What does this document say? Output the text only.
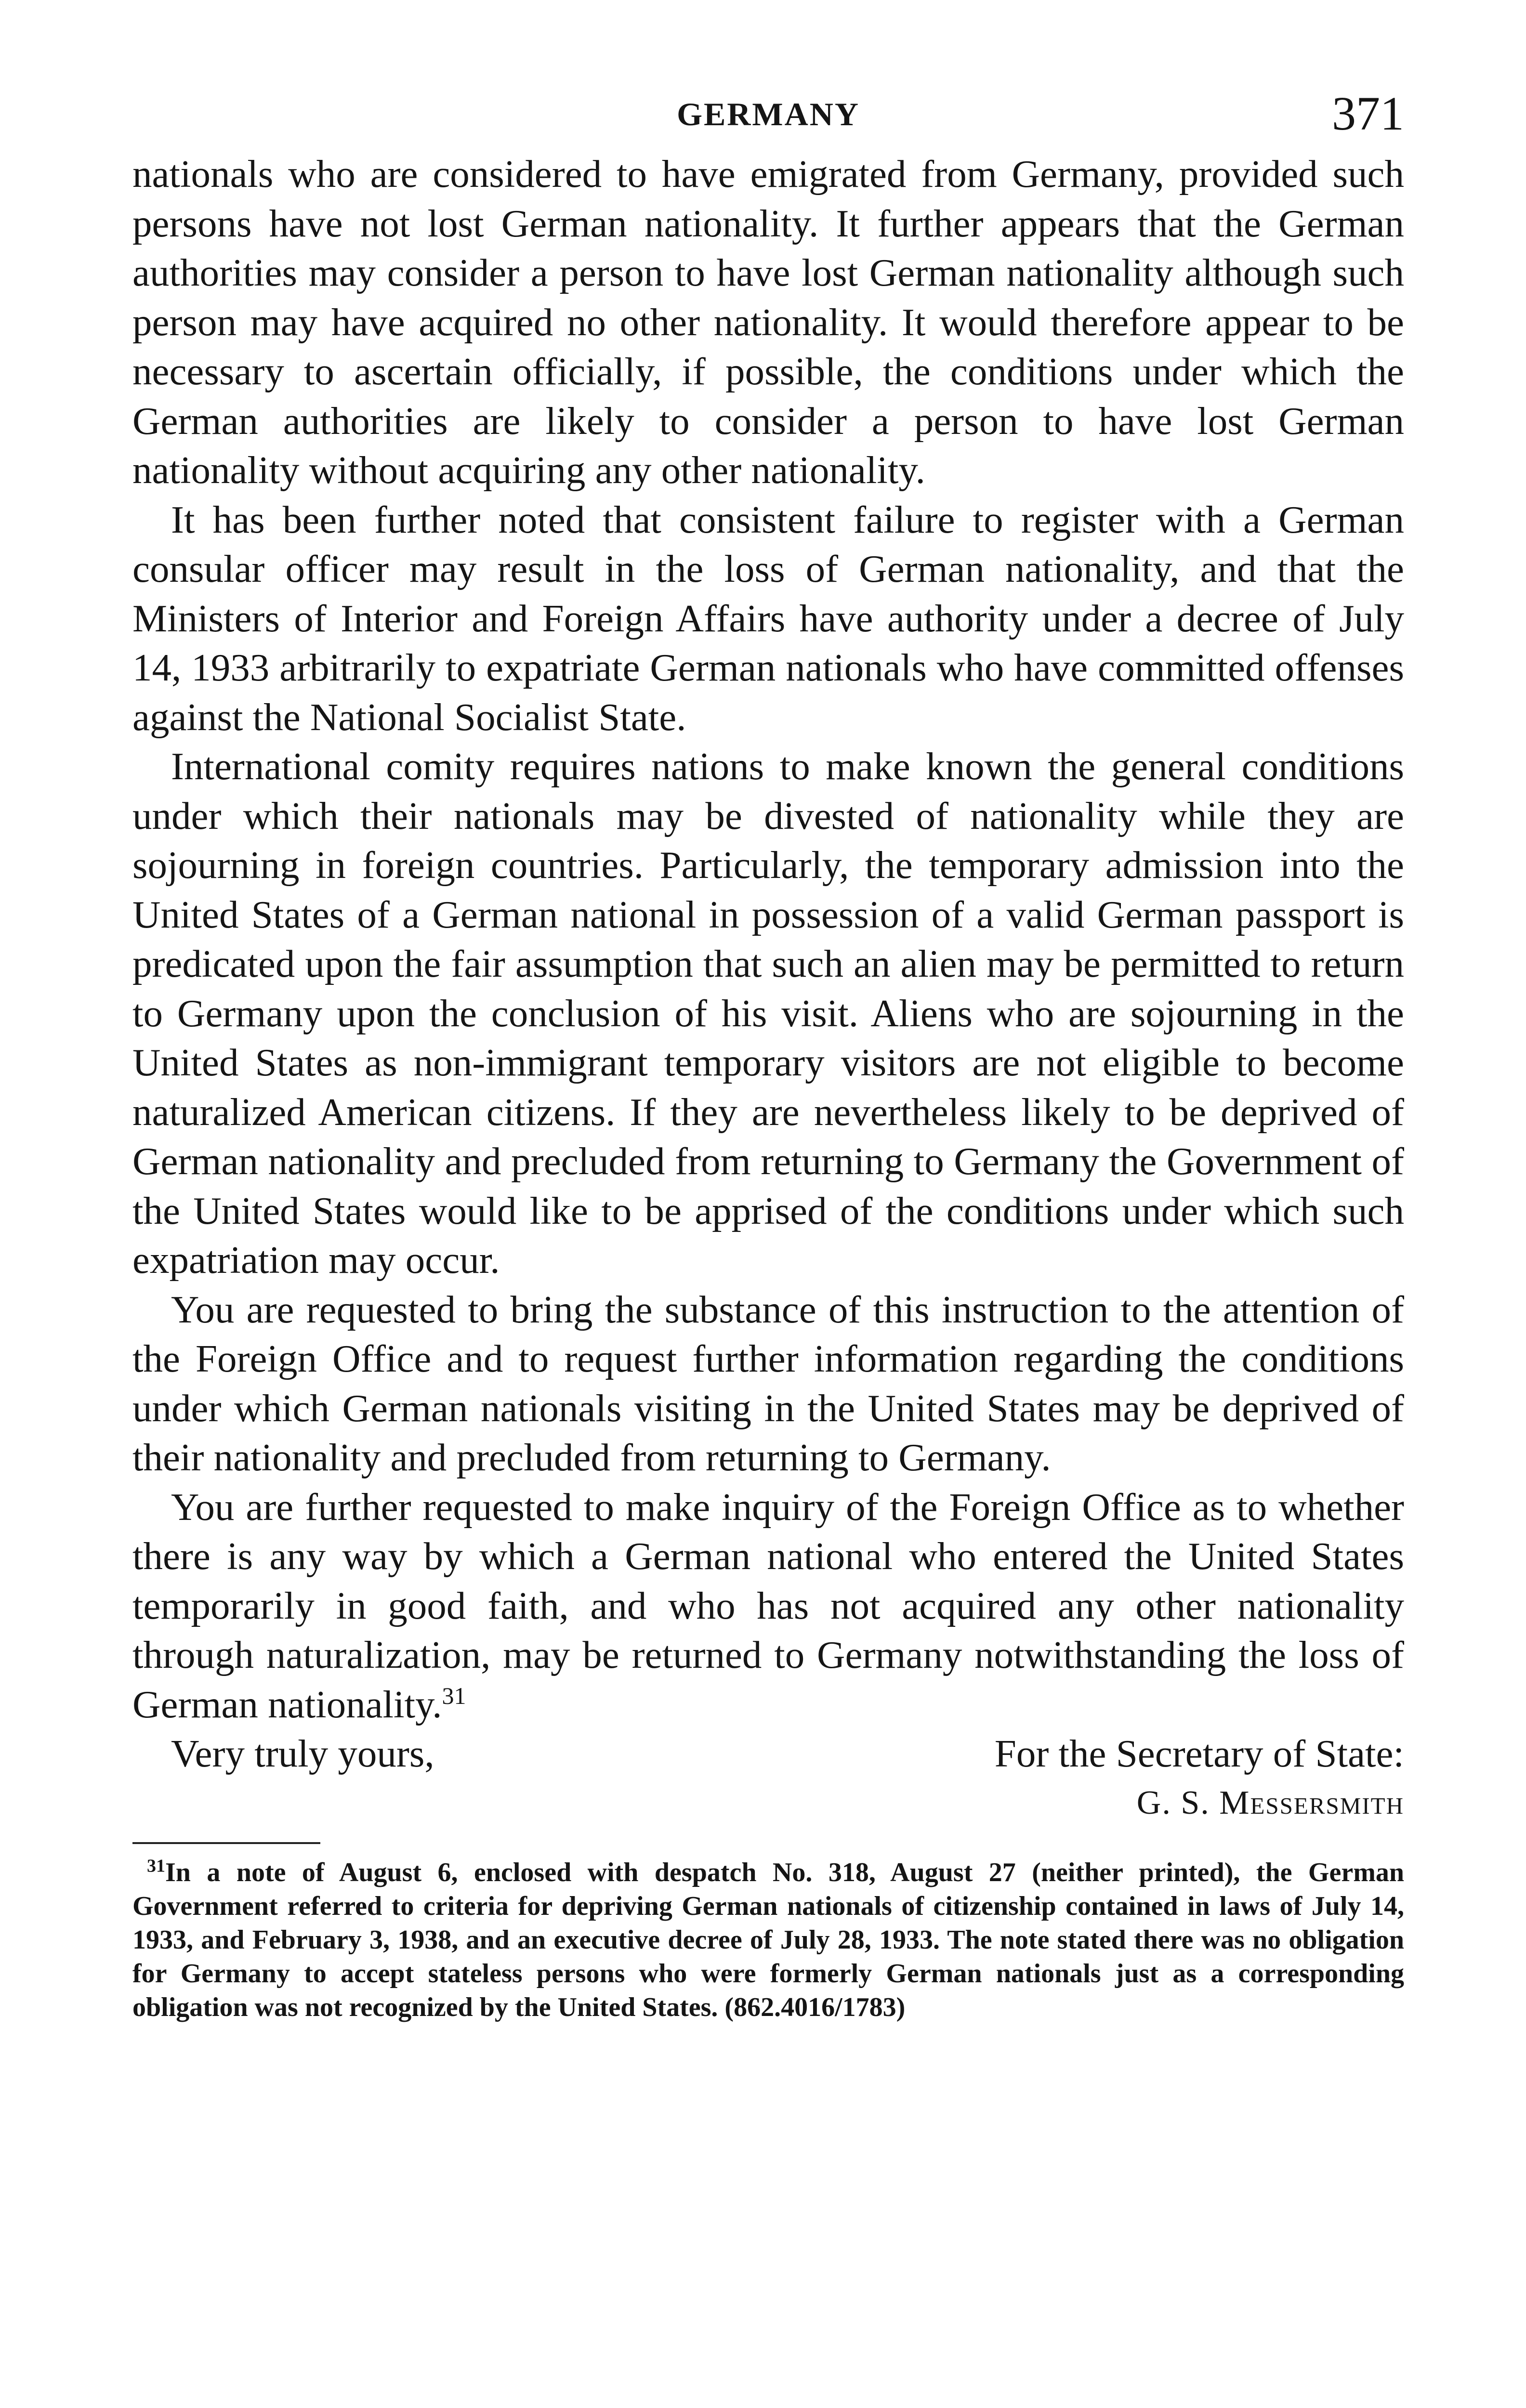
GERMANY	371

nationals who are considered to have emigrated from Germany, provided such persons have not lost German nationality. It further appears that the German authorities may consider a person to have lost German nationality although such person may have acquired no other nationality. It would therefore appear to be necessary to ascertain officially, if possible, the conditions under which the German authorities are likely to consider a person to have lost German nationality without acquiring any other nationality.

It has been further noted that consistent failure to register with a German consular officer may result in the loss of German nationality, and that the Ministers of Interior and Foreign Affairs have authority under a decree of July 14, 1933 arbitrarily to expatriate German nationals who have committed offenses against the National Socialist State.

International comity requires nations to make known the general conditions under which their nationals may be divested of nationality while they are sojourning in foreign countries. Particularly, the temporary admission into the United States of a German national in possession of a valid German passport is predicated upon the fair assumption that such an alien may be permitted to return to Germany upon the conclusion of his visit. Aliens who are sojourning in the United States as non-immigrant temporary visitors are not eligible to become naturalized American citizens. If they are nevertheless likely to be deprived of German nationality and precluded from returning to Germany the Government of the United States would like to be apprised of the conditions under which such expatriation may occur.

You are requested to bring the substance of this instruction to the attention of the Foreign Office and to request further information regarding the conditions under which German nationals visiting in the United States may be deprived of their nationality and precluded from returning to Germany.

You are further requested to make inquiry of the Foreign Office as to whether there is any way by which a German national who entered the United States temporarily in good faith, and who has not acquired any other nationality through naturalization, may be returned to Germany notwithstanding the loss of German nationality.$^{31}$

Very truly yours,	For the Secretary of State:
G. S. Messersmith

$^{31}$In a note of August 6, enclosed with despatch No. 318, August 27 (neither printed), the German Government referred to criteria for depriving German nationals of citizenship contained in laws of July 14, 1933, and February 3, 1938, and an executive decree of July 28, 1933. The note stated there was no obligation for Germany to accept stateless persons who were formerly German nationals just as a corresponding obligation was not recognized by the United States. (862.4016/1783)
